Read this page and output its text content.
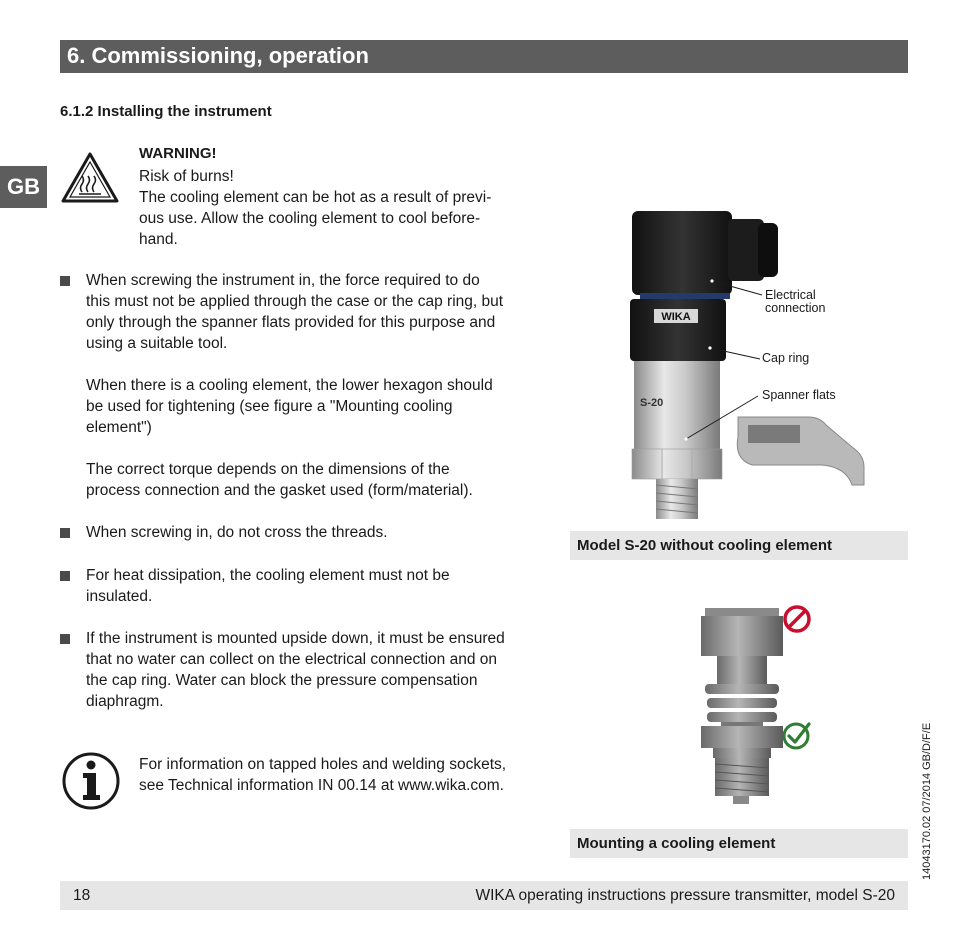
6. Commissioning, operation
GB
6.1.2 Installing the instrument
WARNING!
Risk of burns!
The cooling element can be hot as a result of previ-
ous use. Allow the cooling element to cool before-
hand.
When screwing the instrument in, the force required to do
this must not be applied through the case or the cap ring, but
only through the spanner flats provided for this purpose and
using a suitable tool.
When there is a cooling element, the lower hexagon should
be used for tightening (see figure a "Mounting cooling
element")
The correct torque depends on the dimensions of the
process connection and the gasket used (form/material).
When screwing in, do not cross the threads.
For heat dissipation, the cooling element must not be
insulated.
If the instrument is mounted upside down, it must be ensured
that no water can collect on the electrical connection and on
the cap ring. Water can block the pressure compensation
diaphragm.
For information on tapped holes and welding sockets,
see Technical information IN 00.14 at www.wika.com.
WIKA
S-20
Electrical
connection
Cap ring
Spanner flats
Model S-20 without cooling element
Mounting a cooling element	14043170.02 07/2014 GB/D/F/E
18	WIKA operating instructions pressure transmitter, model S-20
